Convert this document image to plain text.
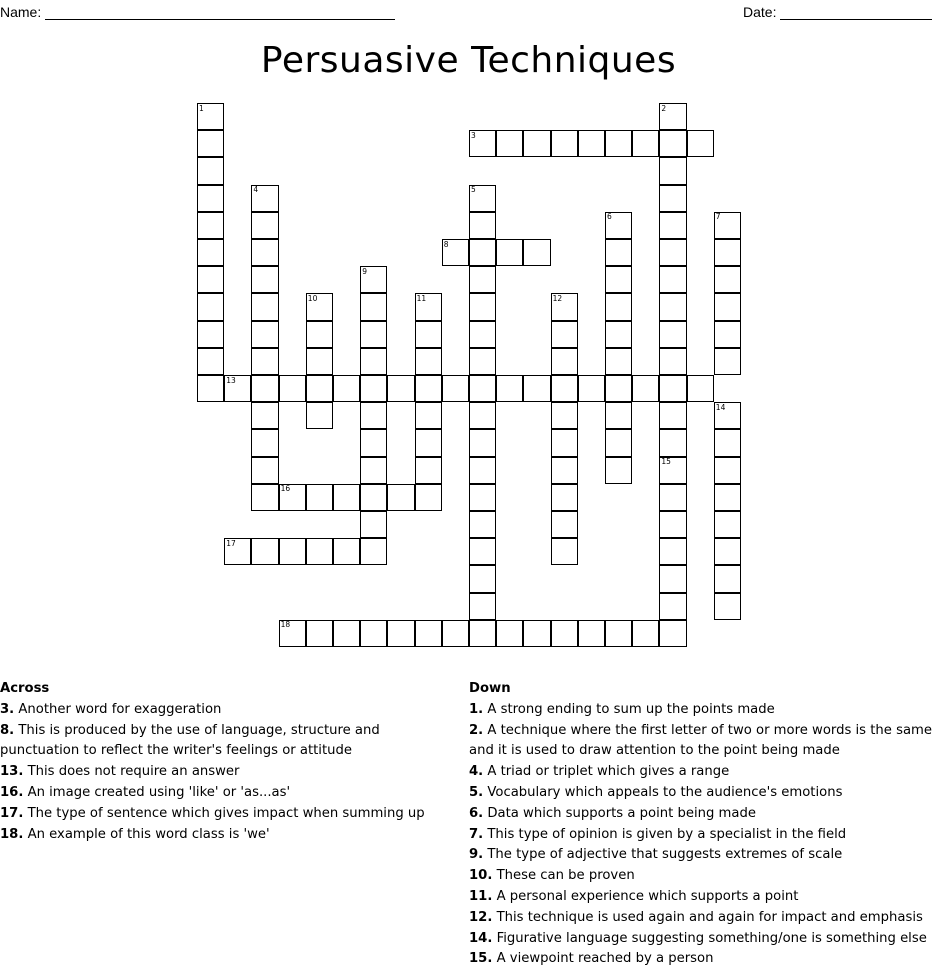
Name:	Date:
Persuasive Techniques
1	2
3
4	5
6	7
8
9
10	11	12
13
14
15
16
17
18
Across
3. Another word for exaggeration
8. This is produced by the use of language, structure and punctuation to reflect the writer's feelings or attitude
13. This does not require an answer
16. An image created using 'like' or 'as...as'
17. The type of sentence which gives impact when summing up
18. An example of this word class is 'we'
Down
1. A strong ending to sum up the points made
2. A technique where the first letter of two or more words is the same and it is used to draw attention to the point being made
4. A triad or triplet which gives a range
5. Vocabulary which appeals to the audience's emotions
6. Data which supports a point being made
7. This type of opinion is given by a specialist in the field
9. The type of adjective that suggests extremes of scale
10. These can be proven
11. A personal experience which supports a point
12. This technique is used again and again for impact and emphasis
14. Figurative language suggesting something/one is something else
15. A viewpoint reached by a person
